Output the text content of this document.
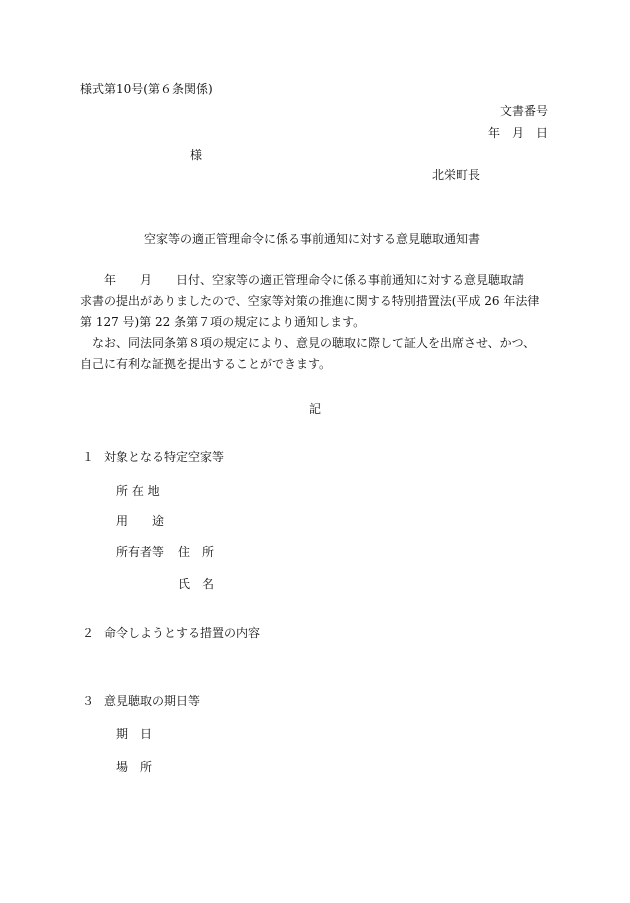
様式第10号(第６条関係)
文書番号
年　月　日
様
北栄町長
空家等の適正管理命令に係る事前通知に対する意見聴取通知書
　　年　　月　　日付、空家等の適正管理命令に係る事前通知に対する意見聴取請
求書の提出がありましたので、空家等対策の推進に関する特別措置法(平成 26 年法律
第 127 号)第 22 条第７項の規定により通知します。
　なお、同法同条第８項の規定により、意見の聴取に際して証人を出席させ、かつ、
自己に有利な証拠を提出することができます。
記
１ 対象となる特定空家等
所 在 地
用　　途
所有者等 住　所
氏　名
２ 命令しようとする措置の内容
３ 意見聴取の期日等
期　日
場　所
